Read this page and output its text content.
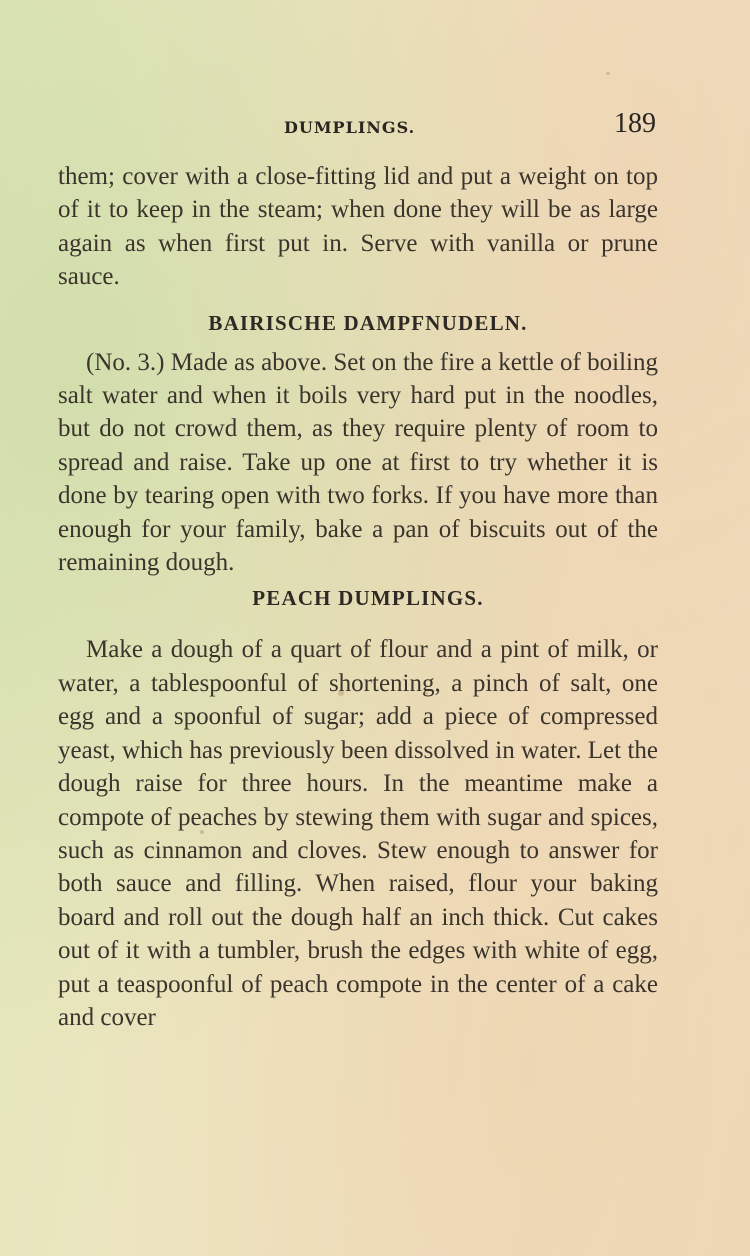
DUMPLINGS.	189

them; cover with a close-fitting lid and put a weight on top of it to keep in the steam; when done they will be as large again as when first put in. Serve with vanilla or prune sauce.

BAIRISCHE DAMPFNUDELN.

(No. 3.) Made as above. Set on the fire a kettle of boiling salt water and when it boils very hard put in the noodles, but do not crowd them, as they require plenty of room to spread and raise. Take up one at first to try whether it is done by tearing open with two forks. If you have more than enough for your family, bake a pan of biscuits out of the remaining dough.

PEACH DUMPLINGS.

Make a dough of a quart of flour and a pint of milk, or water, a tablespoonful of shortening, a pinch of salt, one egg and a spoonful of sugar; add a piece of compressed yeast, which has previously been dissolved in water. Let the dough raise for three hours. In the meantime make a compote of peaches by stewing them with sugar and spices, such as cinnamon and cloves. Stew enough to answer for both sauce and filling. When raised, flour your baking board and roll out the dough half an inch thick. Cut cakes out of it with a tumbler, brush the edges with white of egg, put a teaspoonful of peach compote in the center of a cake and cover
